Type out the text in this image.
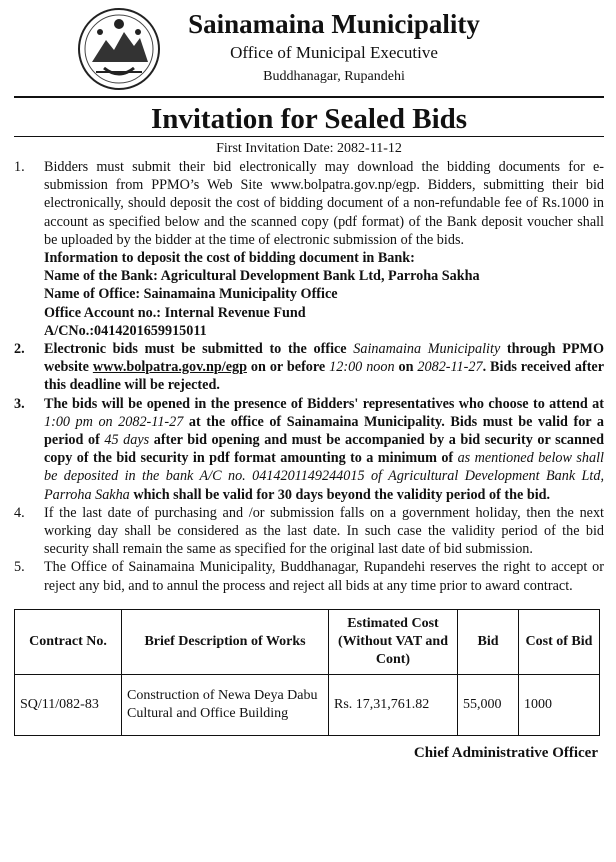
Sainamaina Municipality
Office of Municipal Executive
Buddhanagar, Rupandehi
Invitation for Sealed Bids
First Invitation Date: 2082-11-12
1.	Bidders must submit their bid electronically may download the bidding documents for e-submission from PPMO’s Web Site www.bolpatra.gov.np/egp. Bidders, submitting their bid electronically, should deposit the cost of bidding document of a non-refundable fee of Rs.1000 in account as specified below and the scanned copy (pdf format) of the Bank deposit voucher shall be uploaded by the bidder at the time of electronic submission of the bids.
Information to deposit the cost of bidding document in Bank:
Name of the Bank: Agricultural Development Bank Ltd, Parroha Sakha
Name of Office: Sainamaina Municipality Office
Office Account no.: Internal Revenue Fund
A/CNo.:041420165991501​1
2.	Electronic bids must be submitted to the office Sainamaina Municipality through PPMO website www.bolpatra.gov.np/egp on or before 12:00 noon on 2082-11-27. Bids received after this deadline will be rejected.
3.	The bids will be opened in the presence of Bidders' representatives who choose to attend at 1:00 pm on 2082-11-27 at the office of Sainamaina Municipality. Bids must be valid for a period of 45 days after bid opening and must be accompanied by a bid security or scanned copy of the bid security in pdf format amounting to a minimum of as mentioned below shall be deposited in the bank A/C no. 041420114924401​5 of Agricultural Development Bank Ltd, Parroha Sakha which shall be valid for 30 days beyond the validity period of the bid.
4.	If the last date of purchasing and /or submission falls on a government holiday, then the next working day shall be considered as the last date. In such case the validity period of the bid security shall remain the same as specified for the original last date of bid submission.
5.	The Office of Sainamaina Municipality, Buddhanagar, Rupandehi reserves the right to accept or reject any bid, and to annul the process and reject all bids at any time prior to award contract.
Contract No.	Brief Description of Works	Estimated Cost (Without VAT and Cont)	Bid	Cost of Bid
SQ/11/082-83	Construction of Newa Deya Dabu Cultural and Office Building	Rs. 17,31,761.82	55,000	1000
Chief Administrative Officer
